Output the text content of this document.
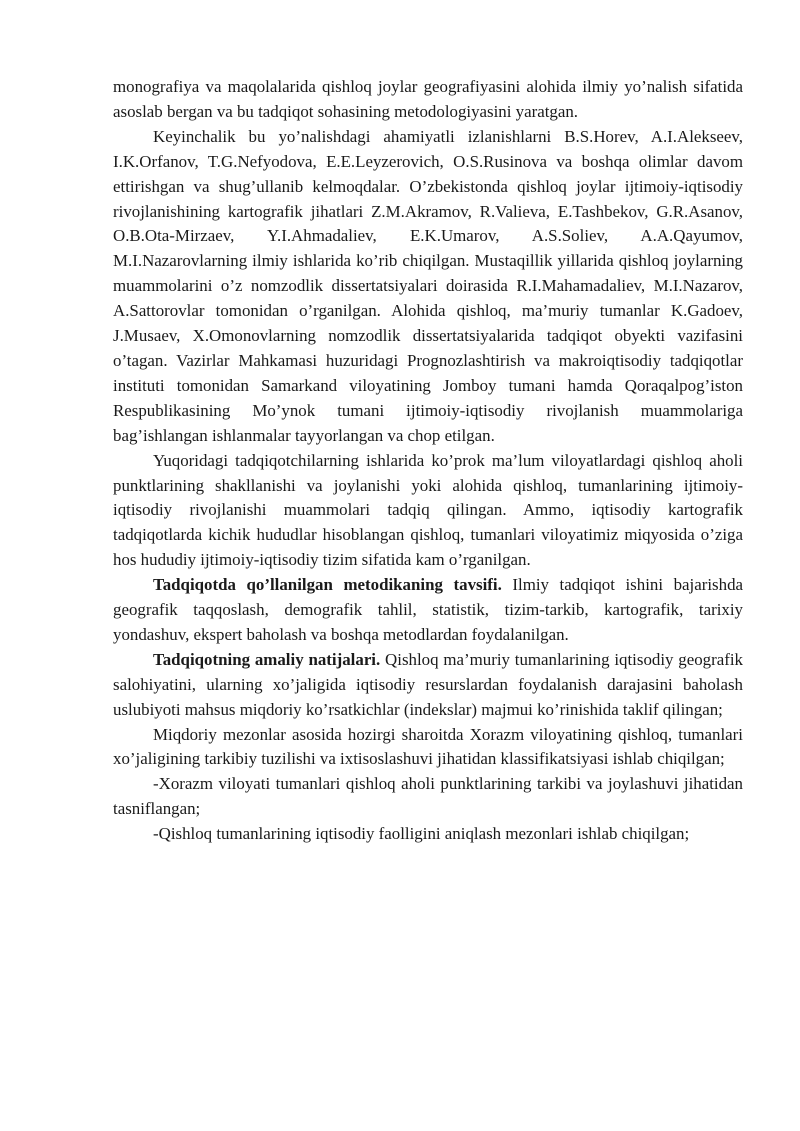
monografiya va maqolalarida qishloq joylar geografiyasini alohida ilmiy yo’nalish sifatida asoslab bergan va bu tadqiqot sohasining metodologiyasini yaratgan.

Keyinchalik bu yo’nalishdagi ahamiyatli izlanishlarni B.S.Horev, A.I.Alekseev, I.K.Orfanov, T.G.Nefyodova, E.E.Leyzerovich, O.S.Rusinova va boshqa olimlar davom ettirishgan va shug’ullanib kelmoqdalar. O’zbekistonda qishloq joylar ijtimoiy-iqtisodiy rivojlanishining kartografik jihatlari Z.M.Akramov, R.Valieva, E.Tashbekov, G.R.Asanov, O.B.Ota-Mirzaev, Y.I.Ahmadaliev, E.K.Umarov, A.S.Soliev, A.A.Qayumov, M.I.Nazarovlarning ilmiy ishlarida ko’rib chiqilgan. Mustaqillik yillarida qishloq joylarning muammolarini o’z nomzodlik dissertatsiyalari doirasida R.I.Mahamadaliev, M.I.Nazarov, A.Sattorovlar tomonidan o’rganilgan. Alohida qishloq, ma’muriy tumanlar K.Gadoev, J.Musaev, X.Omonovlarning nomzodlik dissertatsiyalarida tadqiqot obyekti vazifasini o’tagan. Vazirlar Mahkamasi huzuridagi Prognozlashtirish va makroiqtisodiy tadqiqotlar instituti tomonidan Samarkand viloyatining Jomboy tumani hamda Qoraqalpog’iston Respublikasining Mo’ynok tumani ijtimoiy-iqtisodiy rivojlanish muammolariga bag’ishlangan ishlanmalar tayyorlangan va chop etilgan.

Yuqoridagi tadqiqotchilarning ishlarida ko’prok ma’lum viloyatlardagi qishloq aholi punktlarining shakllanishi va joylanishi yoki alohida qishloq, tumanlarining ijtimoiy-iqtisodiy rivojlanishi muammolari tadqiq qilingan. Ammo, iqtisodiy kartografik tadqiqotlarda kichik hududlar hisoblangan qishloq, tumanlari viloyatimiz miqyosida o’ziga hos hududiy ijtimoiy-iqtisodiy tizim sifatida kam o’rganilgan.

Tadqiqotda qo’llanilgan metodikaning tavsifi. Ilmiy tadqiqot ishini bajarishda geografik taqqoslash, demografik tahlil, statistik, tizim-tarkib, kartografik, tarixiy yondashuv, ekspert baholash va boshqa metodlardan foydalanilgan.

Tadqiqotning amaliy natijalari. Qishloq ma’muriy tumanlarining iqtisodiy geografik salohiyatini, ularning xo’jaligida iqtisodiy resurslardan foydalanish darajasini baholash uslubiyoti mahsus miqdoriy ko’rsatkichlar (indekslar) majmui ko’rinishida taklif qilingan;

Miqdoriy mezonlar asosida hozirgi sharoitda Xorazm viloyatining qishloq, tumanlari xo’jaligining tarkibiy tuzilishi va ixtisoslashuvi jihatidan klassifikatsiyasi ishlab chiqilgan;

-Xorazm viloyati tumanlari qishloq aholi punktlarining tarkibi va joylashuvi jihatidan tasniflangan;

-Qishloq tumanlarining iqtisodiy faolligini aniqlash mezonlari ishlab chiqilgan;
